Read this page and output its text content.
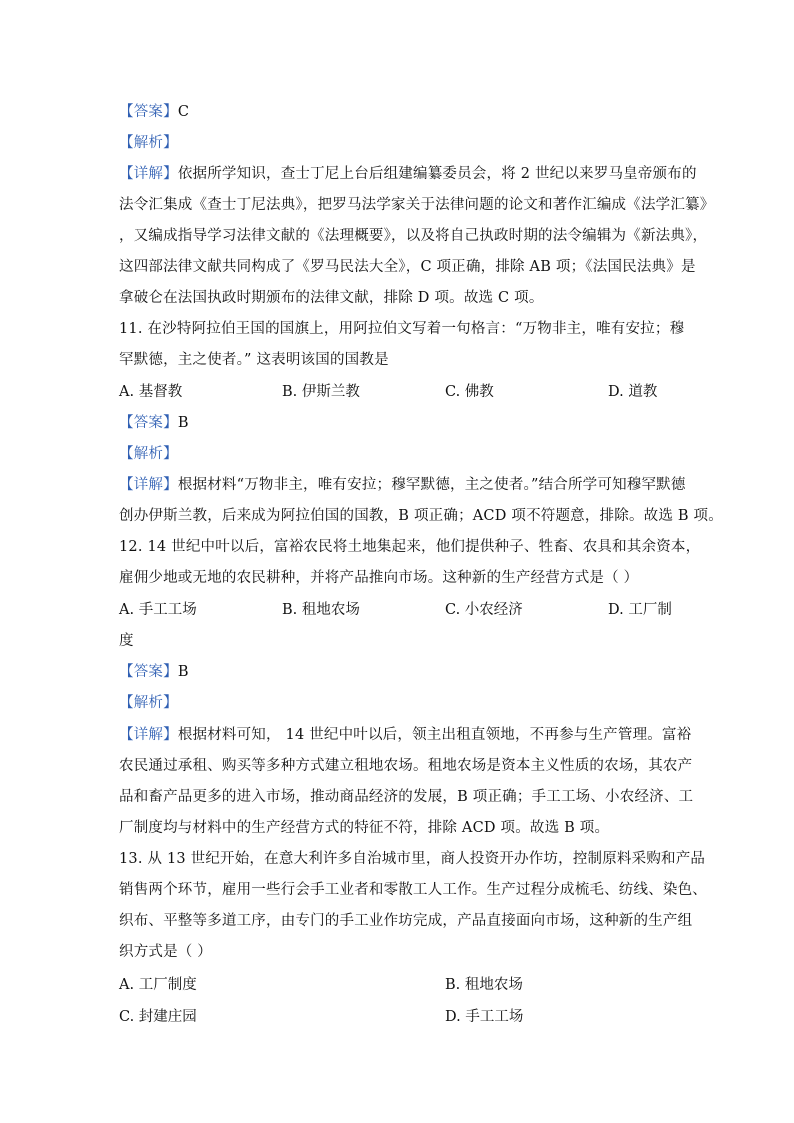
【答案】C
【解析】
【详解】依据所学知识，查士丁尼上台后组建编纂委员会，将 2 世纪以来罗马皇帝颁布的
法令汇集成《查士丁尼法典》，把罗马法学家关于法律问题的论文和著作汇编成《法学汇纂》
，又编成指导学习法律文献的《法理概要》，以及将自己执政时期的法令编辑为《新法典》，
这四部法律文献共同构成了《罗马民法大全》，C 项正确，排除 AB 项；《法国民法典》是
拿破仑在法国执政时期颁布的法律文献，排除 D 项。故选 C 项。
11. 在沙特阿拉伯王国的国旗上，用阿拉伯文写着一句格言：“万物非主，唯有安拉；穆
罕默德，主之使者。” 这表明该国的国教是
A. 基督教	B. 伊斯兰教	C. 佛教	D. 道教
【答案】B
【解析】
【详解】根据材料“万物非主，唯有安拉；穆罕默德，主之使者。”结合所学可知穆罕默德
创办伊斯兰教，后来成为阿拉伯国的国教，B 项正确；ACD 项不符题意，排除。故选 B 项。
12. 14 世纪中叶以后，富裕农民将土地集起来，他们提供种子、牲畜、农具和其余资本，
雇佣少地或无地的农民耕种，并将产品推向市场。这种新的生产经营方式是（ ）
A. 手工工场	B. 租地农场	C. 小农经济	D. 工厂制
度
【答案】B
【解析】
【详解】根据材料可知， 14 世纪中叶以后，领主出租直领地，不再参与生产管理。富裕
农民通过承租、购买等多种方式建立租地农场。租地农场是资本主义性质的农场，其农产
品和畜产品更多的进入市场，推动商品经济的发展，B 项正确；手工工场、小农经济、工
厂制度均与材料中的生产经营方式的特征不符，排除 ACD 项。故选 B 项。
13. 从 13 世纪开始，在意大利许多自治城市里，商人投资开办作坊，控制原料采购和产品
销售两个环节，雇用一些行会手工业者和零散工人工作。生产过程分成梳毛、纺线、染色、
织布、平整等多道工序，由专门的手工业作坊完成，产品直接面向市场，这种新的生产组
织方式是（ ）
A. 工厂制度	B. 租地农场
C. 封建庄园	D. 手工工场
